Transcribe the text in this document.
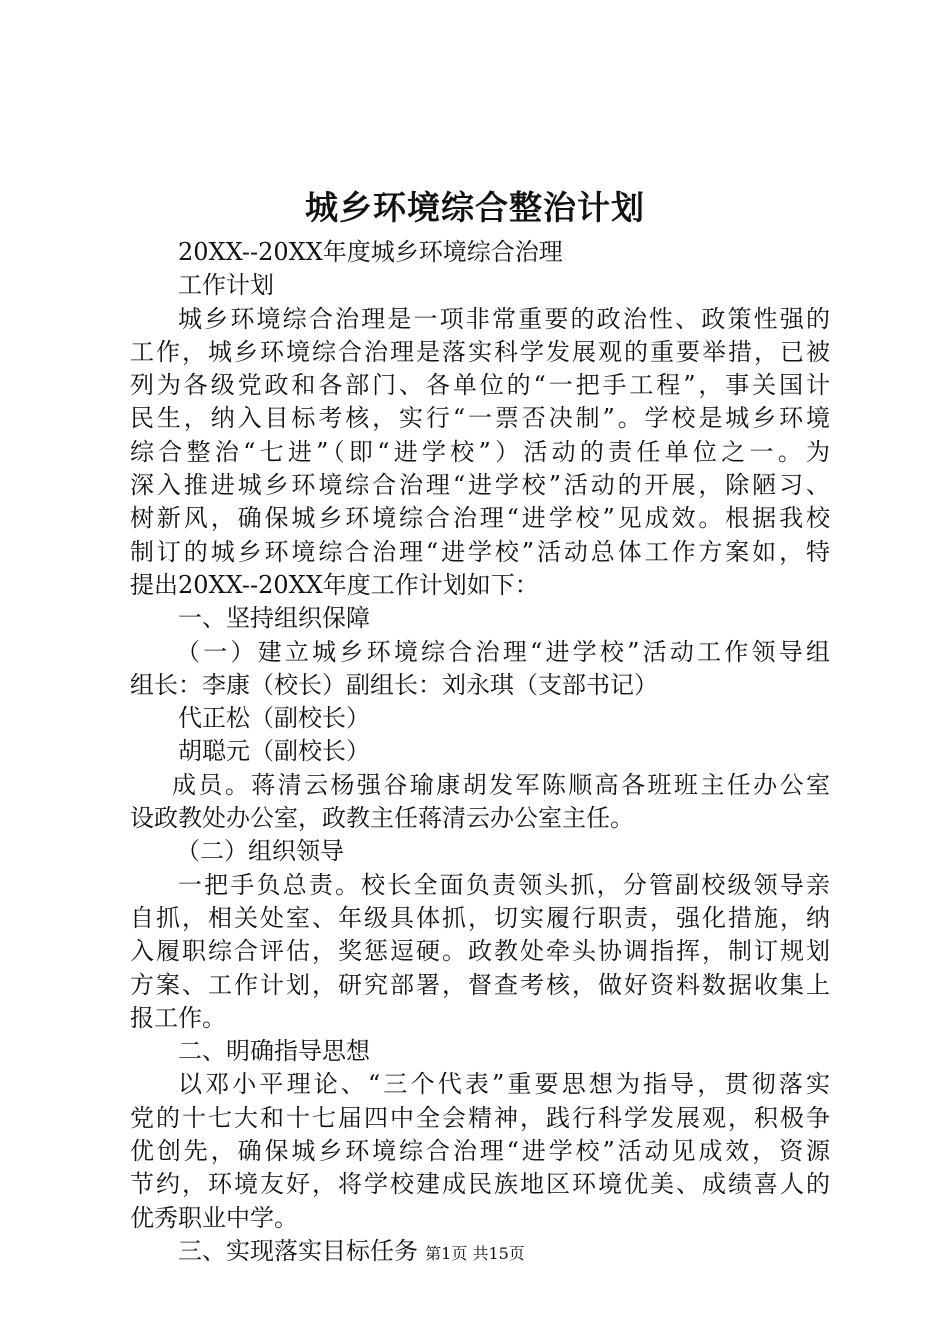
城乡环境综合整治计划
20XX--20XX年度城乡环境综合治理
工作计划
城乡环境综合治理是一项非常重要的政治性、政策性强的
工作，城乡环境综合治理是落实科学发展观的重要举措，已被
列为各级党政和各部门、各单位的“一把手工程”，事关国计
民生，纳入目标考核，实行“一票否决制”。学校是城乡环境
综合整治“七进”（即“进学校”）活动的责任单位之一。为
深入推进城乡环境综合治理“进学校”活动的开展，除陋习、
树新风，确保城乡环境综合治理“进学校”见成效。根据我校
制订的城乡环境综合治理“进学校”活动总体工作方案如，特
提出20XX--20XX年度工作计划如下：
一、坚持组织保障
（一）建立城乡环境综合治理“进学校”活动工作领导组
组长：李康（校长）副组长：刘永琪（支部书记）
代正松（副校长）
胡聪元（副校长）
成员。蒋清云杨强谷瑜康胡发军陈顺高各班班主任办公室
设政教处办公室，政教主任蒋清云办公室主任。
（二）组织领导
一把手负总责。校长全面负责领头抓，分管副校级领导亲
自抓，相关处室、年级具体抓，切实履行职责，强化措施，纳
入履职综合评估，奖惩逗硬。政教处牵头协调指挥，制订规划
方案、工作计划，研究部署，督查考核，做好资料数据收集上
报工作。
二、明确指导思想
以邓小平理论、“三个代表”重要思想为指导，贯彻落实
党的十七大和十七届四中全会精神，践行科学发展观，积极争
优创先，确保城乡环境综合治理“进学校”活动见成效，资源
节约，环境友好，将学校建成民族地区环境优美、成绩喜人的
优秀职业中学。
三、实现落实目标任务 第1页 共15页
